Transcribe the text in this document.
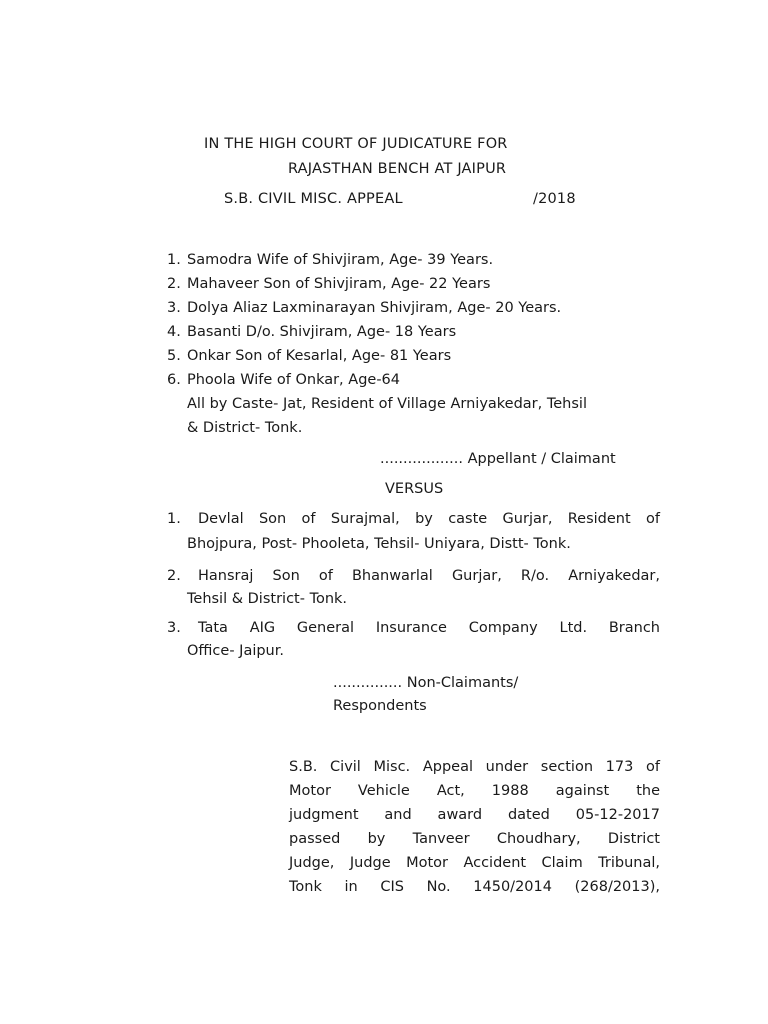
IN THE HIGH COURT OF JUDICATURE FOR
RAJASTHAN BENCH AT JAIPUR
S.B. CIVIL MISC. APPEAL	/2018
1. Samodra Wife of Shivjiram, Age- 39 Years.
2. Mahaveer Son of Shivjiram, Age- 22 Years
3. Dolya Aliaz Laxminarayan Shivjiram, Age- 20 Years.
4. Basanti D/o. Shivjiram, Age- 18 Years
5. Onkar Son of Kesarlal, Age- 81 Years
6. Phoola Wife of Onkar, Age-64
All by Caste- Jat, Resident of Village Arniyakedar, Tehsil
& District- Tonk.
.................. Appellant / Claimant
VERSUS
1. Devlal Son of Surajmal, by caste Gurjar, Resident of
Bhojpura, Post- Phooleta, Tehsil- Uniyara, Distt- Tonk.
2. Hansraj Son of Bhanwarlal Gurjar, R/o. Arniyakedar,
Tehsil & District- Tonk.
3. Tata AIG General Insurance Company Ltd. Branch
Office- Jaipur.
............... Non-Claimants/
Respondents
S.B. Civil Misc. Appeal under section 173 of
Motor Vehicle Act, 1988 against the
judgment and award dated 05-12-2017
passed by Tanveer Choudhary, District
Judge, Judge Motor Accident Claim Tribunal,
Tonk in CIS No. 1450/2014 (268/2013),
